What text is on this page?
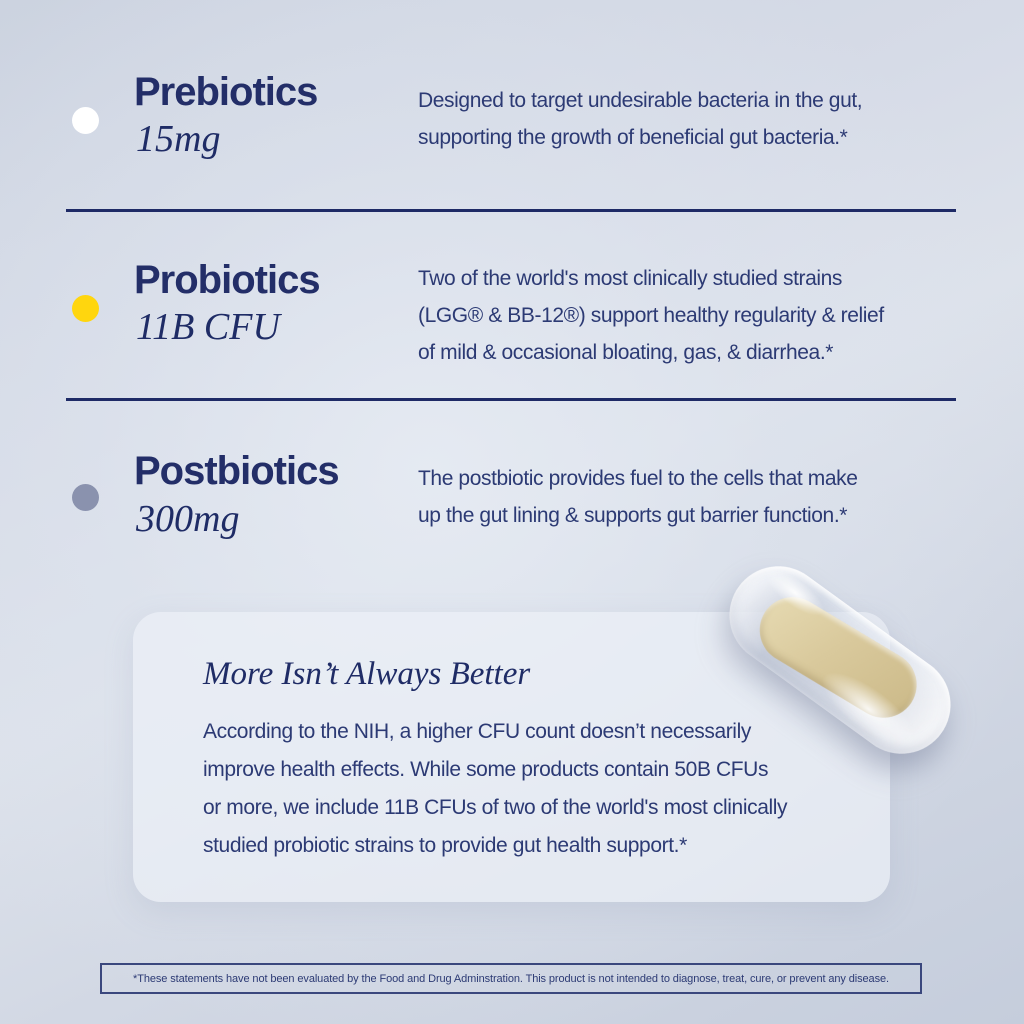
Prebiotics
15mg
Designed to target undesirable bacteria in the gut,
supporting the growth of beneficial gut bacteria.*
Probiotics
11B CFU
Two of the world's most clinically studied strains
(LGG® & BB-12®) support healthy regularity & relief
of mild & occasional bloating, gas, & diarrhea.*
Postbiotics
300mg
The postbiotic provides fuel to the cells that make
up the gut lining & supports gut barrier function.*
More Isn’t Always Better
According to the NIH, a higher CFU count doesn’t necessarily
improve health effects. While some products contain 50B CFUs
or more, we include 11B CFUs of two of the world's most clinically
studied probiotic strains to provide gut health support.*
*These statements have not been evaluated by the Food and Drug Adminstration. This product is not intended to diagnose, treat, cure, or prevent any disease.
